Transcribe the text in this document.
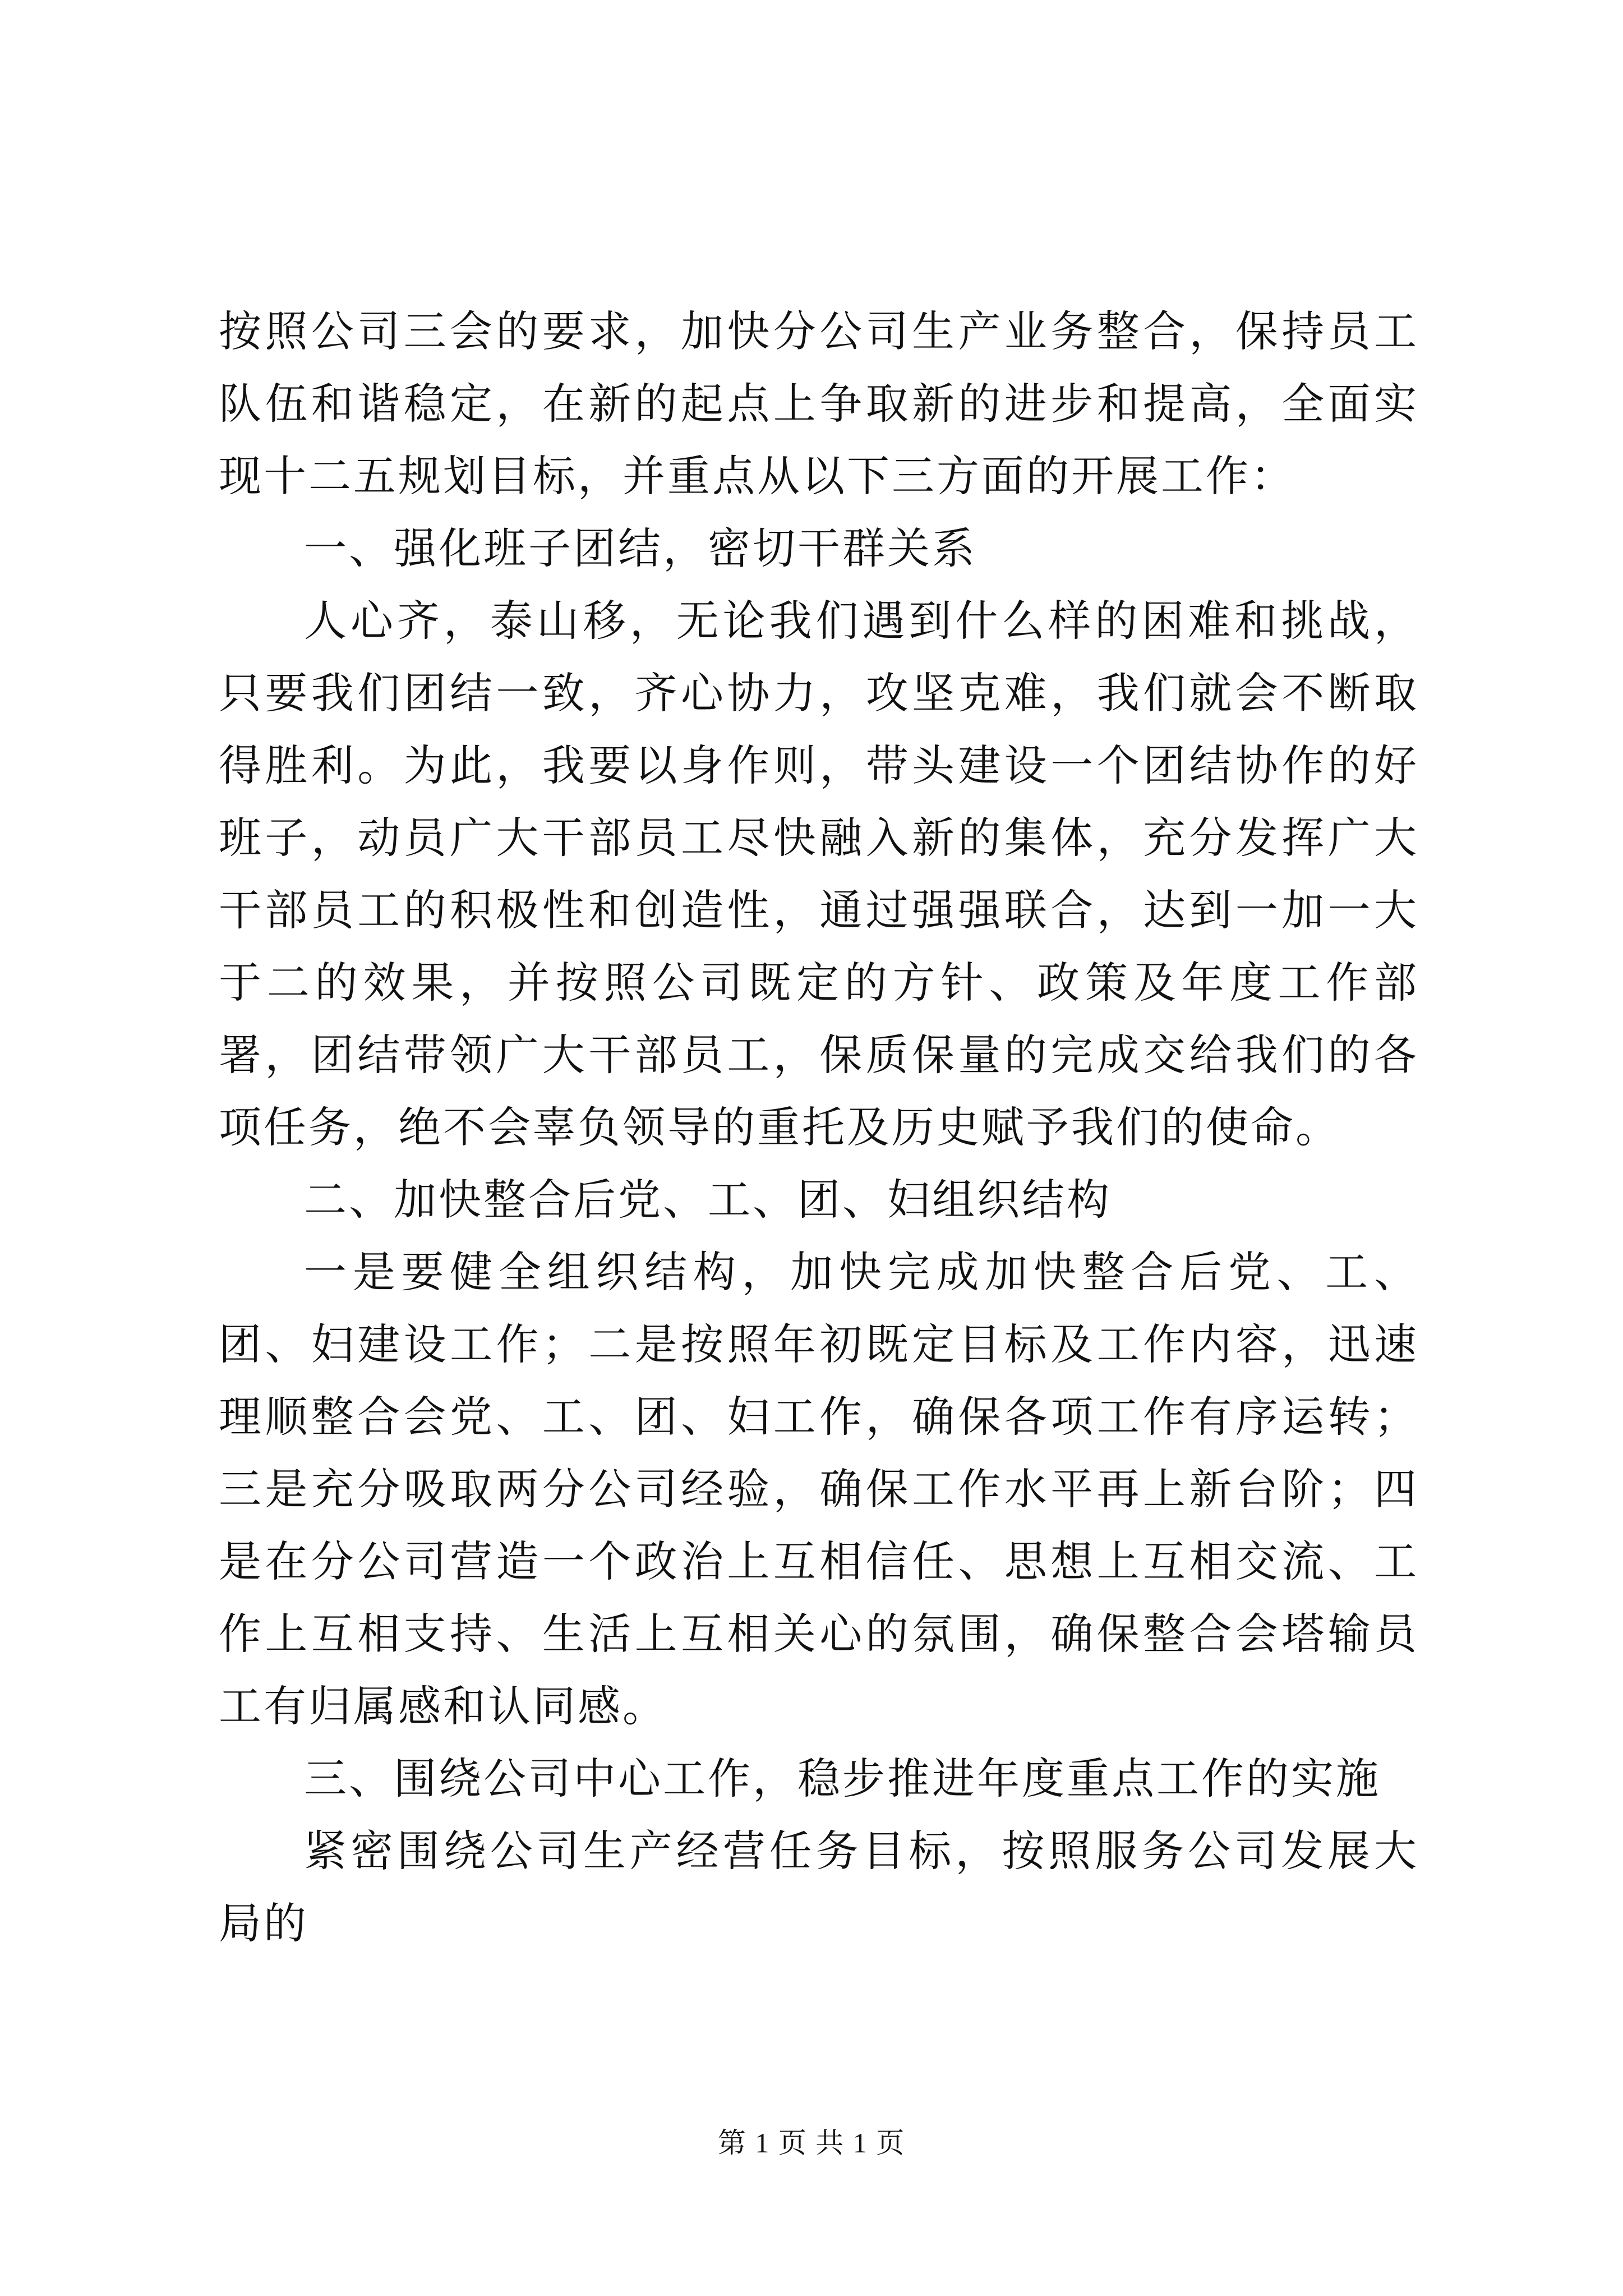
按照公司三会的要求，加快分公司生产业务整合，保持员工队伍和谐稳定，在新的起点上争取新的进步和提高，全面实现十二五规划目标，并重点从以下三方面的开展工作：

一、强化班子团结，密切干群关系

人心齐，泰山移，无论我们遇到什么样的困难和挑战，只要我们团结一致，齐心协力，攻坚克难，我们就会不断取得胜利。为此，我要以身作则，带头建设一个团结协作的好班子，动员广大干部员工尽快融入新的集体，充分发挥广大干部员工的积极性和创造性，通过强强联合，达到一加一大于二的效果，并按照公司既定的方针、政策及年度工作部署，团结带领广大干部员工，保质保量的完成交给我们的各项任务，绝不会辜负领导的重托及历史赋予我们的使命。

二、加快整合后党、工、团、妇组织结构

一是要健全组织结构，加快完成加快整合后党、工、团、妇建设工作；二是按照年初既定目标及工作内容，迅速理顺整合会党、工、团、妇工作，确保各项工作有序运转；三是充分吸取两分公司经验，确保工作水平再上新台阶；四是在分公司营造一个政治上互相信任、思想上互相交流、工作上互相支持、生活上互相关心的氛围，确保整合会塔输员工有归属感和认同感。

三、围绕公司中心工作，稳步推进年度重点工作的实施

紧密围绕公司生产经营任务目标，按照服务公司发展大局的

第 1 页 共 1 页
